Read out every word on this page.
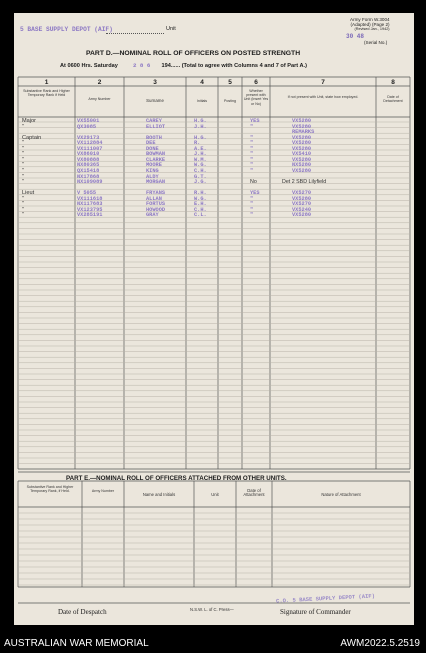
5 BASE SUPPLY DEPOT (AIF)	Unit
Army Form W.3004
(Adapted) (Page 2)
(Revised Jan., 1942)
30 48
(Serial No.)
PART D.—NOMINAL ROLL OF OFFICERS ON POSTED STRENGTH
At 0600 Hrs. Saturday	2 8 6 194...... (Total to agree with Columns 4 and 7 of Part A.)
1	2	3	4	5	6	7	8
Substantive Rank and Higher Temporary Rank if Held
Army Number	Surname	Initials	Posting
Whether present with Unit (Insert Yes or No)
If not present with Unit, state how employed.	Date of Detachment
Major	VX55001	CAREY	H.G.	YES	VX5280
"	QX3085	ELLIOT	J.H.	"	VX5280
REMARKS
Captain	VX29173	BOOTH	H.G.	"	VX5280
"	VX112884	DEE	R.	"	VX5280
"	VX111007	DONE	A.E.	"	VX5280
"	VX86010	BOWMAN	J.H.	"	VX5410
"	VX80888	CLARKE	W.M.	"	VX5280
"	NX80365	MOORE	W.G.	"	NX5280
"	QX15418	KING	C.H.	"	VX5280
"	NX17868	ALDY	G.T.
"	NX109089	MORGAN	J.G.	No	Det 2 SBD Lilyfield
Lieut	V 5055	FRYANS	R.H.	YES	VX5270
"	VX111618	ALLAN	W.G.	"	VX5280
"	NX117683	FORTUS	E.H.	"	VX5270
"	VX123795	HOWOOD	C.H.	"	VX5240
"	VX285191	GRAY	C.L.	"	VX5280
PART E.—NOMINAL ROLL OF OFFICERS ATTACHED FROM OTHER UNITS.
Substantive Rank and Higher Temporary Rank, if Held.	Army Number
Name and Initials	Unit
Date of Attachment	Nature of Attachment
Date of Despatch	N.S.W. L. of C. Press—
C.O. 5 BASE SUPPLY DEPOT (AIF)
Signature of Commander
AUSTRALIAN WAR MEMORIAL	AWM2022.5.2519
